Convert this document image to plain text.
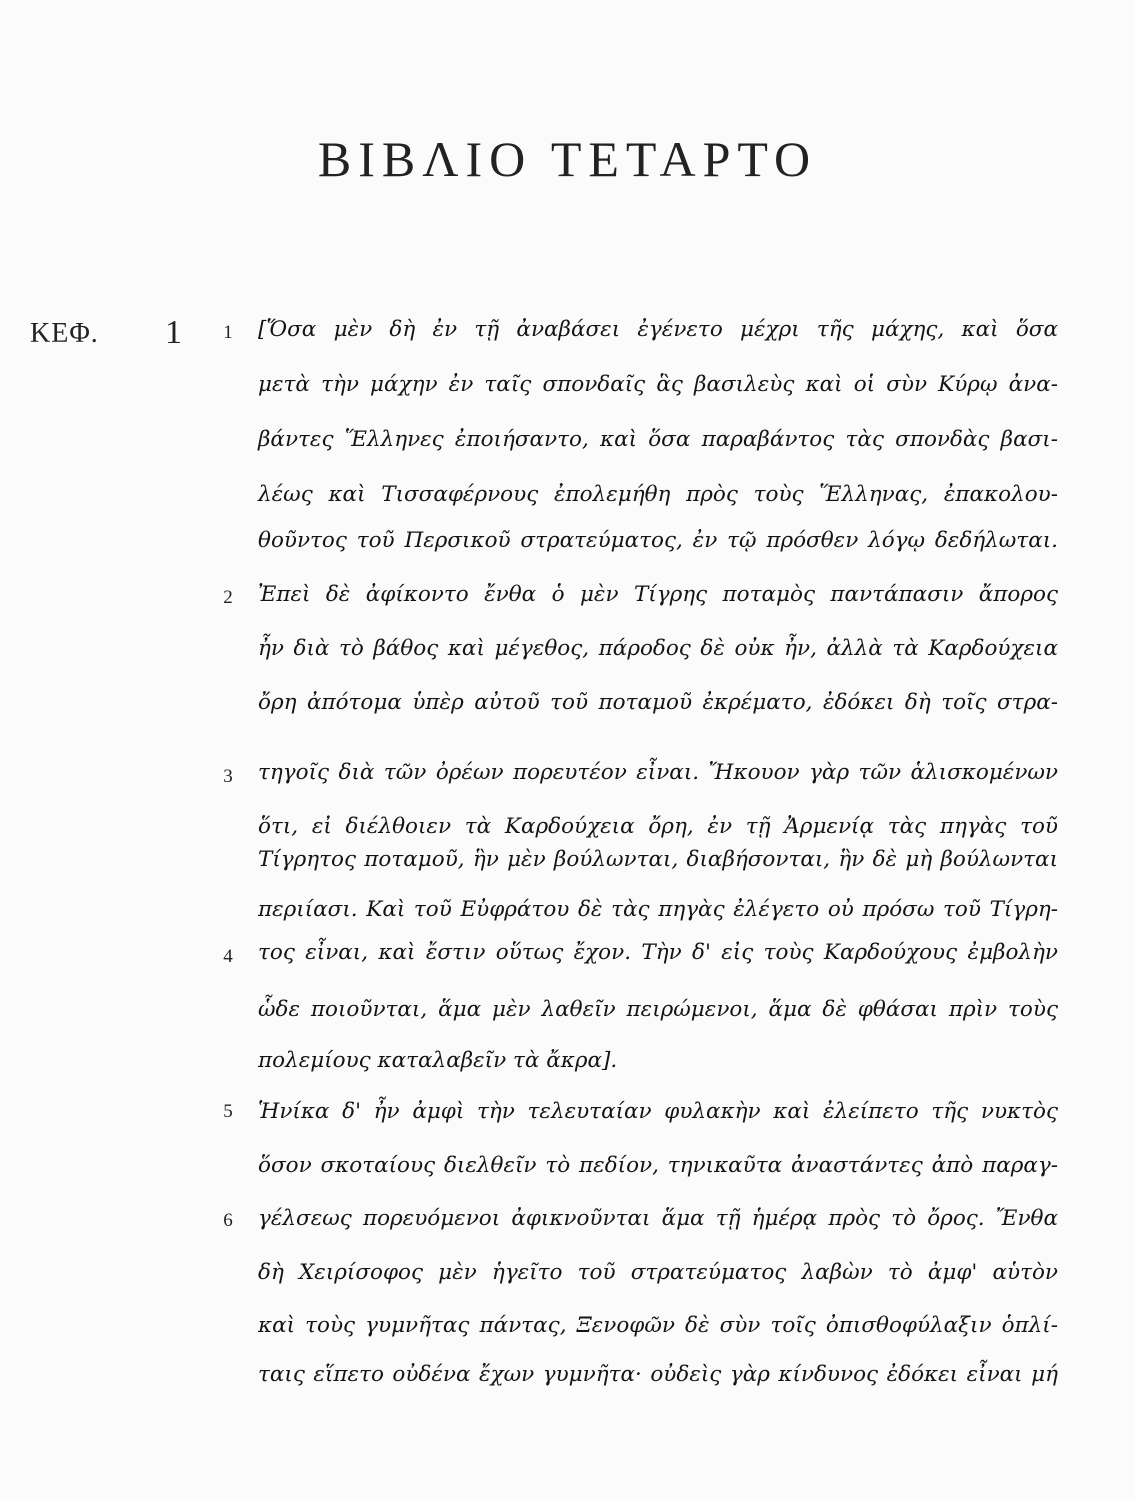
ΒΙΒΛΙΟ ΤΕΤΑΡΤΟ
ΚΕΦ. 1	1
2
3
4
5
6
[Ὅσα μὲν δὴ ἐν τῇ ἀναβάσει ἐγένετο μέχρι τῆς μάχης, καὶ ὅσα
μετὰ τὴν μάχην ἐν ταῖς σπονδαῖς ἃς βασιλεὺς καὶ οἱ σὺν Κύρῳ ἀνα-
βάντες Ἕλληνες ἐποιήσαντο, καὶ ὅσα παραβάντος τὰς σπονδὰς βασι-
λέως καὶ Τισσαφέρνους ἐπολεμήθη πρὸς τοὺς Ἕλληνας, ἐπακολου-
θοῦντος τοῦ Περσικοῦ στρατεύματος, ἐν τῷ πρόσθεν λόγῳ δεδήλωται.
Ἐπεὶ δὲ ἀφίκοντο ἔνθα ὁ μὲν Τίγρης ποταμὸς παντάπασιν ἄπορος
ἦν διὰ τὸ βάθος καὶ μέγεθος, πάροδος δὲ οὐκ ἦν, ἀλλὰ τὰ Καρδούχεια
ὄρη ἀπότομα ὑπὲρ αὐτοῦ τοῦ ποταμοῦ ἐκρέματο, ἐδόκει δὴ τοῖς στρα-
τηγοῖς διὰ τῶν ὀρέων πορευτέον εἶναι. Ἤκουον γὰρ τῶν ἁλισκομένων
ὅτι, εἰ διέλθοιεν τὰ Καρδούχεια ὄρη, ἐν τῇ Ἀρμενίᾳ τὰς πηγὰς τοῦ
Τίγρητος ποταμοῦ, ἣν μὲν βούλωνται, διαβήσονται, ἣν δὲ μὴ βούλωνται
περιίασι. Καὶ τοῦ Εὐφράτου δὲ τὰς πηγὰς ἐλέγετο οὐ πρόσω τοῦ Τίγρη-
τος εἶναι, καὶ ἔστιν οὕτως ἔχον. Τὴν δ' εἰς τοὺς Καρδούχους ἐμβολὴν
ὧδε ποιοῦνται, ἅμα μὲν λαθεῖν πειρώμενοι, ἅμα δὲ φθάσαι πρὶν τοὺς
πολεμίους καταλαβεῖν τὰ ἄκρα].
Ἡνίκα δ' ἦν ἀμφὶ τὴν τελευταίαν φυλακὴν καὶ ἐλείπετο τῆς νυκτὸς
ὅσον σκοταίους διελθεῖν τὸ πεδίον, τηνικαῦτα ἀναστάντες ἀπὸ παραγ-
γέλσεως πορευόμενοι ἀφικνοῦνται ἅμα τῇ ἡμέρᾳ πρὸς τὸ ὄρος. Ἔνθα
δὴ Χειρίσοφος μὲν ἡγεῖτο τοῦ στρατεύματος λαβὼν τὸ ἀμφ' αὑτὸν
καὶ τοὺς γυμνῆτας πάντας, Ξενοφῶν δὲ σὺν τοῖς ὀπισθοφύλαξιν ὁπλί-
ταις εἵπετο οὐδένα ἔχων γυμνῆτα· οὐδεὶς γὰρ κίνδυνος ἐδόκει εἶναι μή
